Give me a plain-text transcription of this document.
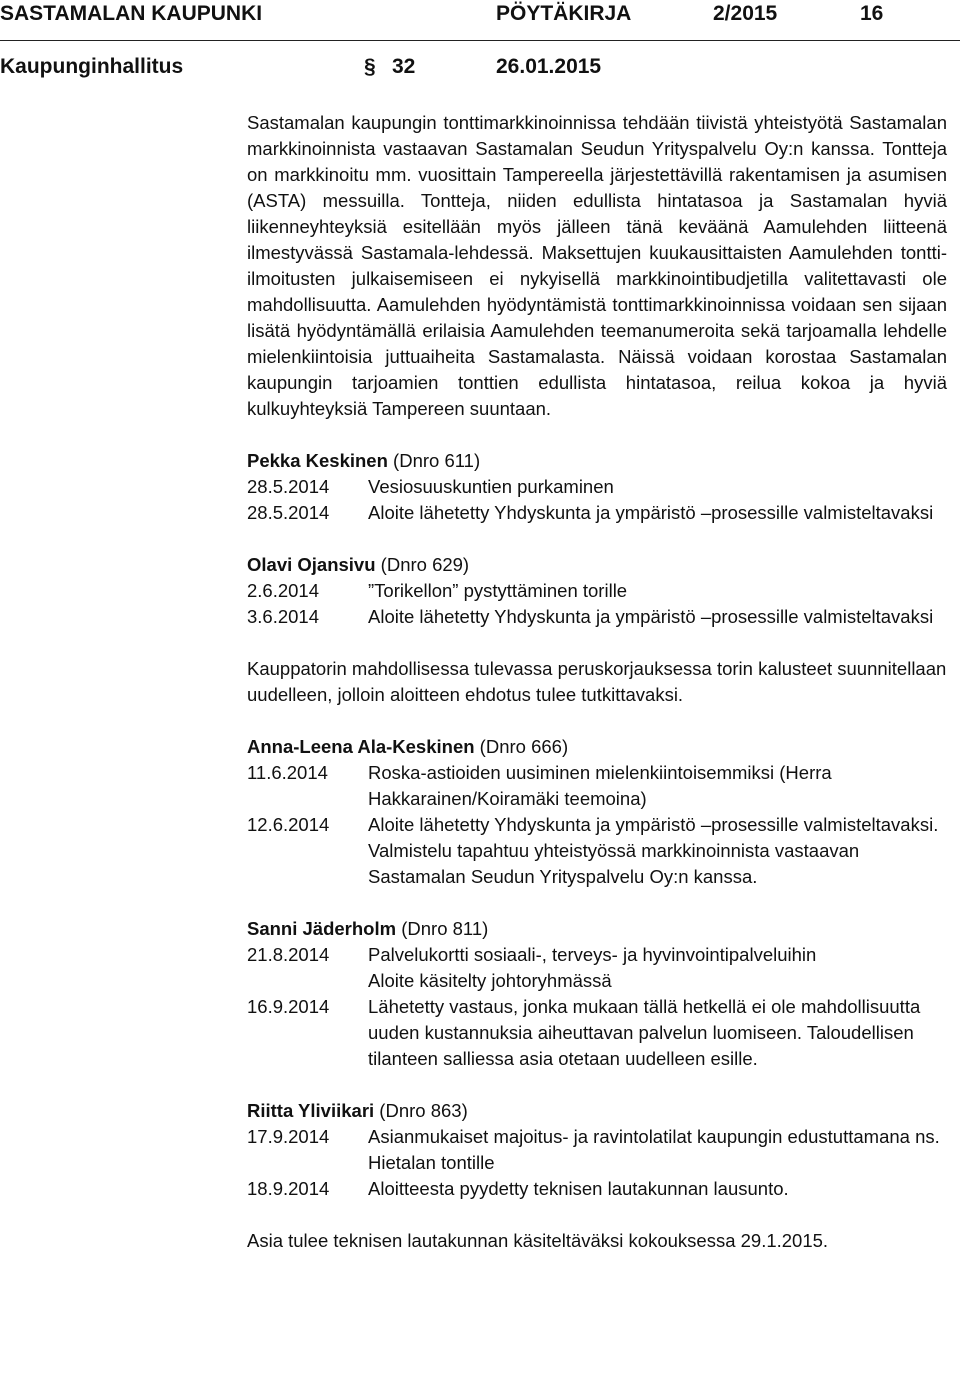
SASTAMALAN KAUPUNKI	PÖYTÄKIRJA	2/2015	16
Kaupunginhallitus	§ 32	26.01.2015

Sastamalan kaupungin tonttimarkkinoinnissa tehdään tiivistä yhteistyötä Sastamalan markkinoinnista vastaavan Sastamalan Seudun Yrityspalvelu Oy:n kanssa. Tontteja on markkinoitu mm. vuosittain Tampereella järjestettävillä rakentamisen ja asumisen (ASTA) messuilla. Tontteja, niiden edullista hintatasoa ja Sastamalan hyviä liikenneyhteyksiä esitellään myös jälleen tänä keväänä Aamulehden liitteenä ilmestyvässä Sastamala-lehdessä. Maksettujen kuukausittaisten Aamulehden tontti-ilmoitusten julkaisemiseen ei nykyisellä markkinointibudjetilla valitettavasti ole mahdollisuutta. Aamulehden hyödyntämistä tonttimarkkinoinnissa voidaan sen sijaan lisätä hyödyntämällä erilaisia Aamulehden teemanumeroita sekä tarjoamalla lehdelle mielenkiintoisia juttuaiheita Sastamalasta. Näissä voidaan korostaa Sastamalan kaupungin tarjoamien tonttien edullista hintatasoa, reilua kokoa ja hyviä kulkuyhteyksiä Tampereen suuntaan.

Pekka Keskinen (Dnro 611)

28.5.2014	Vesiosuuskuntien purkaminen
28.5.2014	Aloite lähetetty Yhdyskunta ja ympäristö –prosessille valmisteltavaksi

Olavi Ojansivu (Dnro 629)

2.6.2014	”Torikellon” pystyttäminen torille
3.6.2014	Aloite lähetetty Yhdyskunta ja ympäristö –prosessille valmisteltavaksi

Kauppatorin mahdollisessa tulevassa peruskorjauksessa torin kalusteet suunnitellaan uudelleen, jolloin aloitteen ehdotus tulee tutkittavaksi.

Anna-Leena Ala-Keskinen (Dnro 666)

11.6.2014	Roska-astioiden uusiminen mielenkiintoisemmiksi (Herra Hakkarainen/Koiramäki teemoina)
12.6.2014	Aloite lähetetty Yhdyskunta ja ympäristö –prosessille valmisteltavaksi. Valmistelu tapahtuu yhteistyössä markkinoinnista vastaavan Sastamalan Seudun Yrityspalvelu Oy:n kanssa.

Sanni Jäderholm (Dnro 811)

21.8.2014	Palvelukortti sosiaali-, terveys- ja hyvinvointipalveluihin
Aloite käsitelty johtoryhmässä
16.9.2014	Lähetetty vastaus, jonka mukaan tällä hetkellä ei ole mahdollisuutta uuden kustannuksia aiheuttavan palvelun luomiseen. Taloudellisen tilanteen salliessa asia otetaan uudelleen esille.

Riitta Yliviikari (Dnro 863)

17.9.2014	Asianmukaiset majoitus- ja ravintolatilat kaupungin edustuttamana ns. Hietalan tontille
18.9.2014	Aloitteesta pyydetty teknisen lautakunnan lausunto.

Asia tulee teknisen lautakunnan käsiteltäväksi kokouksessa 29.1.2015.
